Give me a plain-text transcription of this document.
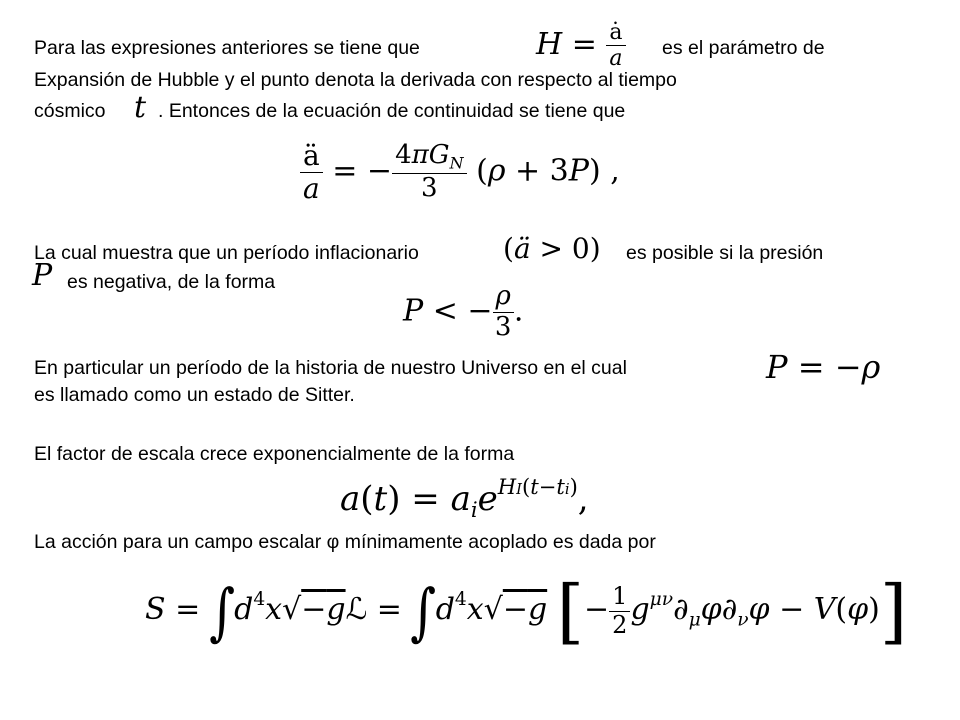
Para las expresiones anteriores se tiene que	$H = \frac{ȧ}{a}$ es el parámetro de
Expansión de Hubble y el punto denota la derivada con respecto al tiempo
cósmico t . Entonces de la ecuación de continuidad se tiene que
$\frac{ä}{a}$ = − $\frac{4\pi G_N}{3} (\rho + 3P)$ ,
La cual muestra que un período inflacionario	(ä > 0) es posible si la presión
P es negativa, de la forma
P < − $\frac{\rho}{3}$ .
En particular un período de la historia de nuestro Universo en el cual	P = −ρ
es llamado como un estado de Sitter.
El factor de escala crece exponencialmente de la forma
$a(t) = a_ie^{HI(t-ti)}$,
La acción para un campo escalar φ mínimamente acoplado es dada por
$S = \int d^4x√-gℒ = \int d^4x√-g$ [− $\frac{1}{2} g^{\mu\nu}\partial_\mu\varphi\partial_\nu\varphi - V(\varphi)$]
